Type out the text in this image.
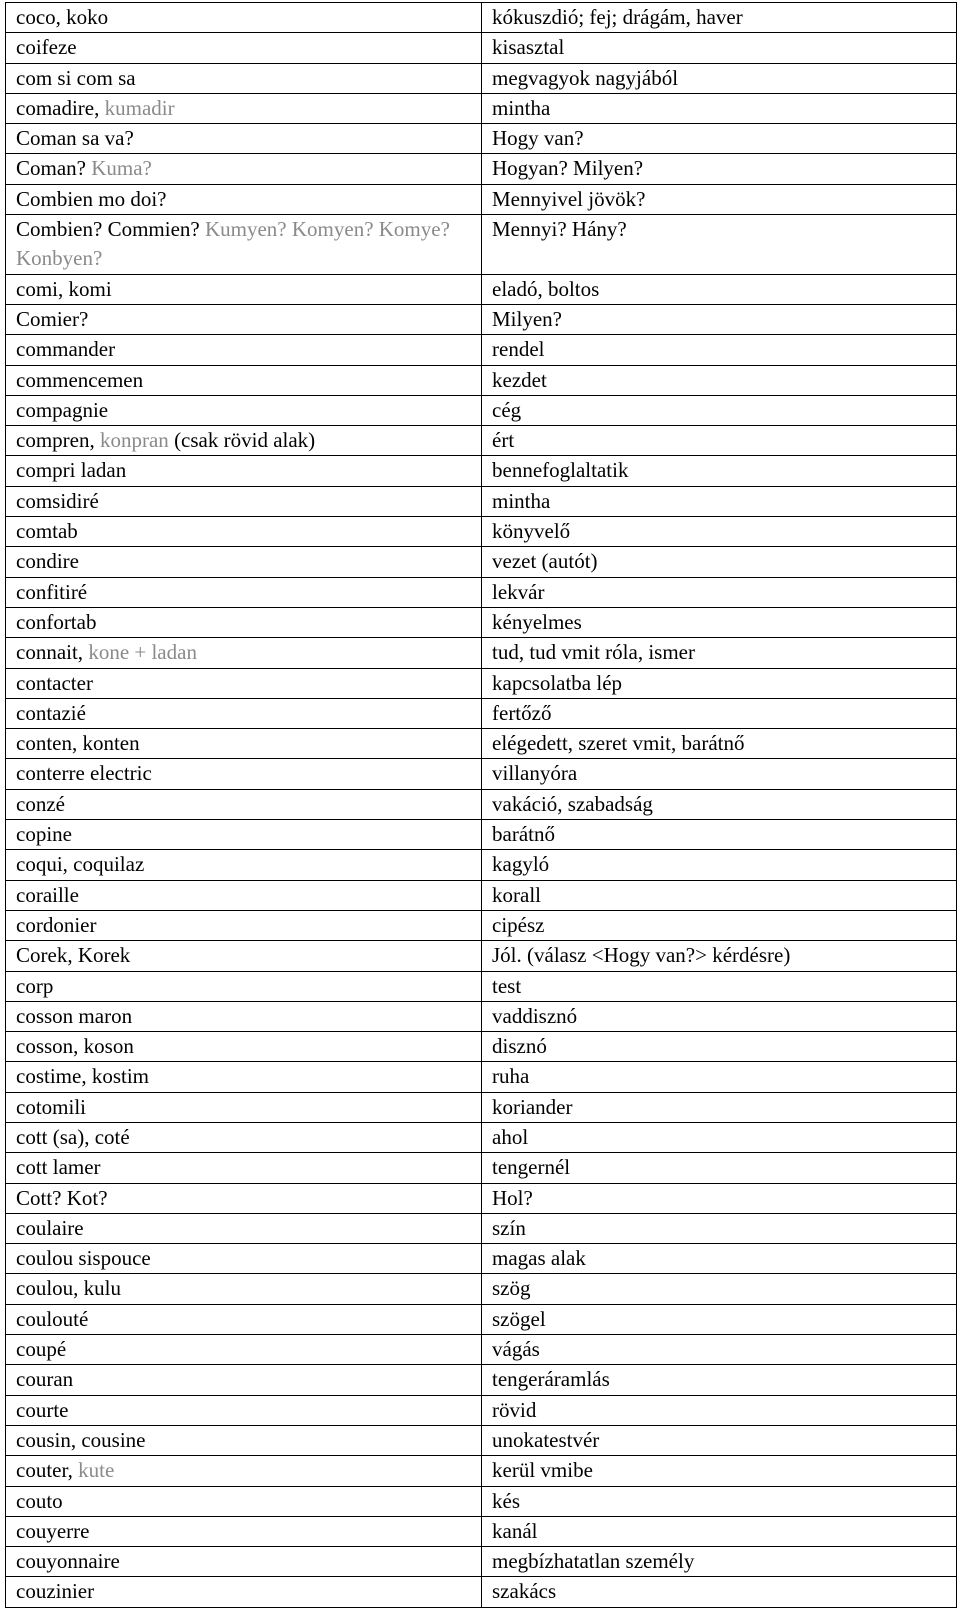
coco, koko	kókuszdió; fej; drágám, haver
coifeze	kisasztal
com si com sa	megvagyok nagyjából
comadire, kumadir	mintha
Coman sa va?	Hogy van?
Coman? Kuma?	Hogyan? Milyen?
Combien mo doi?	Mennyivel jövök?
Combien? Commien? Kumyen? Komyen? Komye? Konbyen?	Mennyi? Hány?
comi, komi	eladó, boltos
Comier?	Milyen?
commander	rendel
commencemen	kezdet
compagnie	cég
compren, konpran (csak rövid alak)	ért
compri ladan	bennefoglaltatik
comsidiré	mintha
comtab	könyvelő
condire	vezet (autót)
confitiré	lekvár
confortab	kényelmes
connait, kone + ladan	tud, tud vmit róla, ismer
contacter	kapcsolatba lép
contazié	fertőző
conten, konten	elégedett, szeret vmit, barátnő
conterre electric	villanyóra
conzé	vakáció, szabadság
copine	barátnő
coqui, coquilaz	kagyló
coraille	korall
cordonier	cipész
Corek, Korek	Jól. (válasz <Hogy van?> kérdésre)
corp	test
cosson maron	vaddisznó
cosson, koson	disznó
costime, kostim	ruha
cotomili	koriander
cott (sa), coté	ahol
cott lamer	tengernél
Cott? Kot?	Hol?
coulaire	szín
coulou sispouce	magas alak
coulou, kulu	szög
coulouté	szögel
coupé	vágás
couran	tengeráramlás
courte	rövid
cousin, cousine	unokatestvér
couter, kute	kerül vmibe
couto	kés
couyerre	kanál
couyonnaire	megbízhatatlan személy
couzinier	szakács
